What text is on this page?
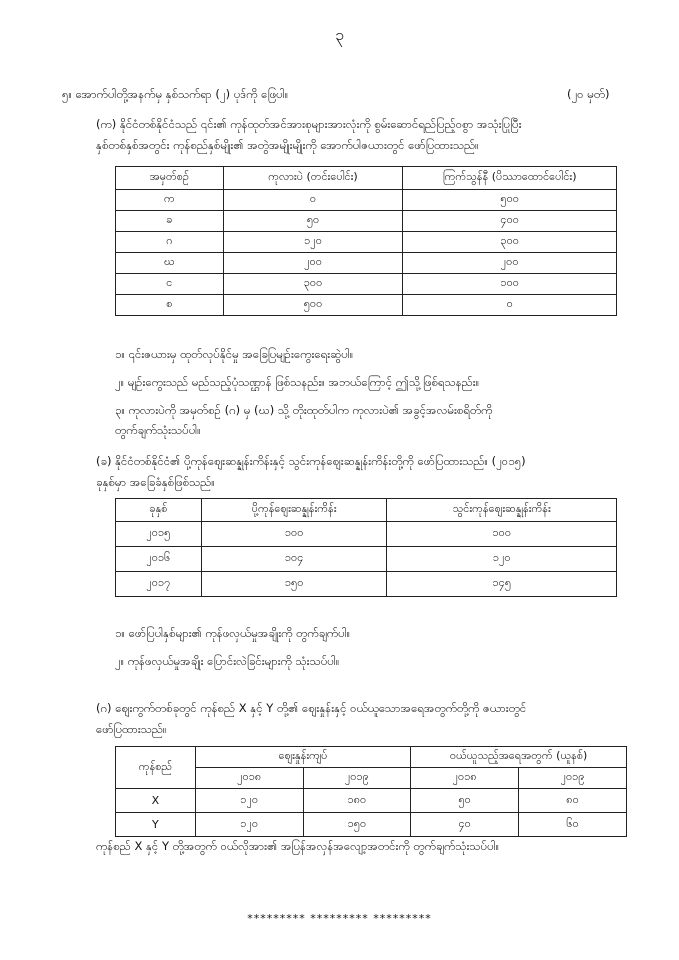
၃
၅။ အောက်ပါတို့အနက်မှ နှစ်သက်ရာ (၂) ပုဒ်ကို ဖြေပါ။	(၂၀ မှတ်)
(က) နိုင်ငံတစ်နိုင်ငံသည် ၎င်း၏ ကုန်ထုတ်အင်အားစုများအားလုံးကို စွမ်းဆောင်ရည်ပြည့်ဝစွာ အသုံးပြုပြီး
နှစ်တစ်နှစ်အတွင်း ကုန်စည်နှစ်မျိုး၏ အတွဲအမျိုးမျိုးကို အောက်ပါဇယားတွင် ဖော်ပြထားသည်။
အမှတ်စဉ်	ကုလားပဲ (တင်းပေါင်း)	ကြက်သွန်နီ (ပိဿာထောင်ပေါင်း)
က	၀	၅၀၀
ခ	၅၀	၄၀၀
ဂ	၁၂၀	၃၀၀
ဃ	၂၀၀	၂၀၀
င	၃၀၀	၁၀၀
စ	၅၀၀	၀
၁။ ၎င်းဇယားမှ ထုတ်လုပ်နိုင်မှု အခြေပြမျဉ်းကွေးရေးဆွဲပါ။
၂။ မျဉ်းကွေးသည် မည်သည့်ပုံသဏ္ဌာန် ဖြစ်သနည်း။ အဘယ်ကြောင့် ဤသို့ဖြစ်ရသနည်း။
၃။ ကုလားပဲကို အမှတ်စဉ် (ဂ) မှ (ဃ) သို့ တိုးထုတ်ပါက ကုလားပဲ၏ အခွင့်အလမ်းစရိတ်ကို
တွက်ချက်သုံးသပ်ပါ။
(ခ) နိုင်ငံတစ်နိုင်ငံ၏ ပို့ကုန်ဈေးဆန္နုန်းကိန်းနှင့် သွင်းကုန်ဈေးဆန္နုန်းကိန်းတို့ကို ဖော်ပြထားသည်။ (၂၀၁၅)
ခုနှစ်မှာ အခြေခံနှစ်ဖြစ်သည်။
ခုနှစ်	ပို့ကုန်ဈေးဆန္နုန်းကိန်း	သွင်းကုန်ဈေးဆန္နုန်းကိန်း
၂၀၁၅	၁၀၀	၁၀၀
၂၀၁၆	၁၀၄	၁၂၀
၂၀၁၇	၁၅၀	၁၄၅
၁။ ဖော်ပြပါနှစ်များ၏ ကုန်ဖလှယ်မှုအချိုးကို တွက်ချက်ပါ။
၂။ ကုန်ဖလှယ်မှုအချိုး ပြောင်းလဲခြင်းများကို သုံးသပ်ပါ။
(ဂ) ဈေးကွက်တစ်ခုတွင် ကုန်စည် X နှင့် Y တို့၏ ဈေးနှုန်းနှင့် ဝယ်ယူသောအရေအတွက်တို့ကို ဇယားတွင်
ဖော်ပြထားသည်။
ကုန်စည်	ဈေးနှုန်းကျပ်		ဝယ်ယူသည့်အရေအတွက် (ယူနစ်)	
	၂၀၁၈	၂၀၁၉	၂၀၁၈	၂၀၁၉
X	၁၂၀	၁၈၀	၅၀	၈၀
Y	၁၂၀	၁၅၀	၄၀	၆၀
ကုန်စည် X နှင့် Y တို့အတွက် ဝယ်လိုအား၏ အပြန်အလှန်အလျော့အတင်းကို တွက်ချက်သုံးသပ်ပါ။
********* ********* *********
